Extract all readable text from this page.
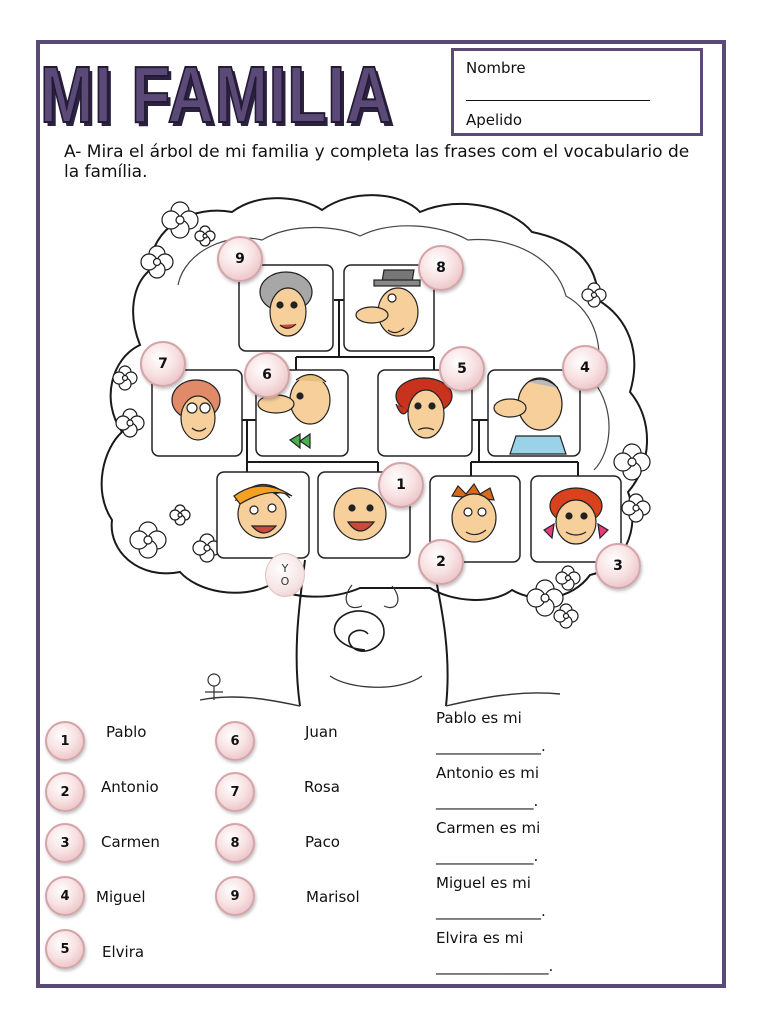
MI FAMILIA	Nombre
Apelido
A- Mira el árbol de mi familia y completa las frases com el vocabulario de la família.
9
8
7
6	5	4
1
2	3
Y
O
1	Pablo
2	Antonio
3	Carmen
4	Miguel
5	Elvira
6	Juan
7	Rosa
8	Paco
9	Marisol
Pablo es mi
______________.
Antonio es mi
_____________.
Carmen es mi
_____________.
Miguel es mi
______________.
Elvira es mi
_______________.
